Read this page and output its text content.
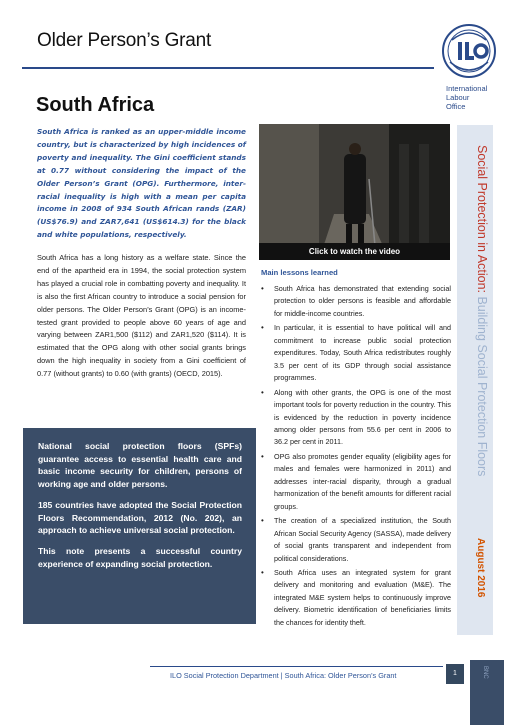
Older Person’s Grant
International
Labour
Office
South Africa
South Africa is ranked as an upper-middle income country, but is characterized by high incidences of poverty and inequality. The Gini coefficient stands at 0.77 without considering the impact of the Older Person’s Grant (OPG). Furthermore, inter-racial inequality is high with a mean per capita income in 2008 of 934 South African rands (ZAR) (US$76.9) and ZAR7,641 (US$614.3) for the black and white populations, respectively.
South Africa has a long history as a welfare state. Since the end of the apartheid era in 1994, the social protection system has played a crucial role in combatting poverty and inequality. It is also the first African country to introduce a social pension for older persons. The Older Person’s Grant (OPG) is an income-tested grant provided to people above 60 years of age and varying between ZAR1,500 ($112) and ZAR1,520 ($114). It is estimated that the OPG along with other social grants brings down the high inequality in society from a Gini coefficient of 0.77 (without grants) to 0.60 (with grants) (OECD, 2015).

National social protection floors (SPFs) guarantee access to essential health care and basic income security for children, persons of working age and older persons.

185 countries have adopted the Social Protection Floors Recommendation, 2012 (No. 202), an approach to achieve universal social protection.

This note presents a successful country experience of expanding social protection.

Click to watch the video
Main lessons learned
• South Africa has demonstrated that extending social protection to older persons is feasible and affordable for middle-income countries.
• In particular, it is essential to have political will and commitment to increase public social protection expenditures. Today, South Africa redistributes roughly 3.5 per cent of its GDP through social assistance programmes.
• Along with other grants, the OPG is one of the most important tools for poverty reduction in the country. This is evidenced by the reduction in poverty incidence among older persons from 55.6 per cent in 2006 to 36.2 per cent in 2011.
• OPG also promotes gender equality (eligibility ages for males and females were harmonized in 2011) and addresses inter-racial disparity, through a gradual harmonization of the benefit amounts for different racial groups.
• The creation of a specialized institution, the South African Social Security Agency (SASSA), made delivery of social grants transparent and independent from political considerations.
• South Africa uses an integrated system for grant delivery and monitoring and evaluation (M&E). The integrated M&E system helps to continuously improve delivery. Biometric identification of beneficiaries limits the chances for identity theft.
Social Protection in Action: Building Social Protection Floors
August 2016
ILO Social Protection Department | South Africa: Older Person’s Grant	1	BNC
